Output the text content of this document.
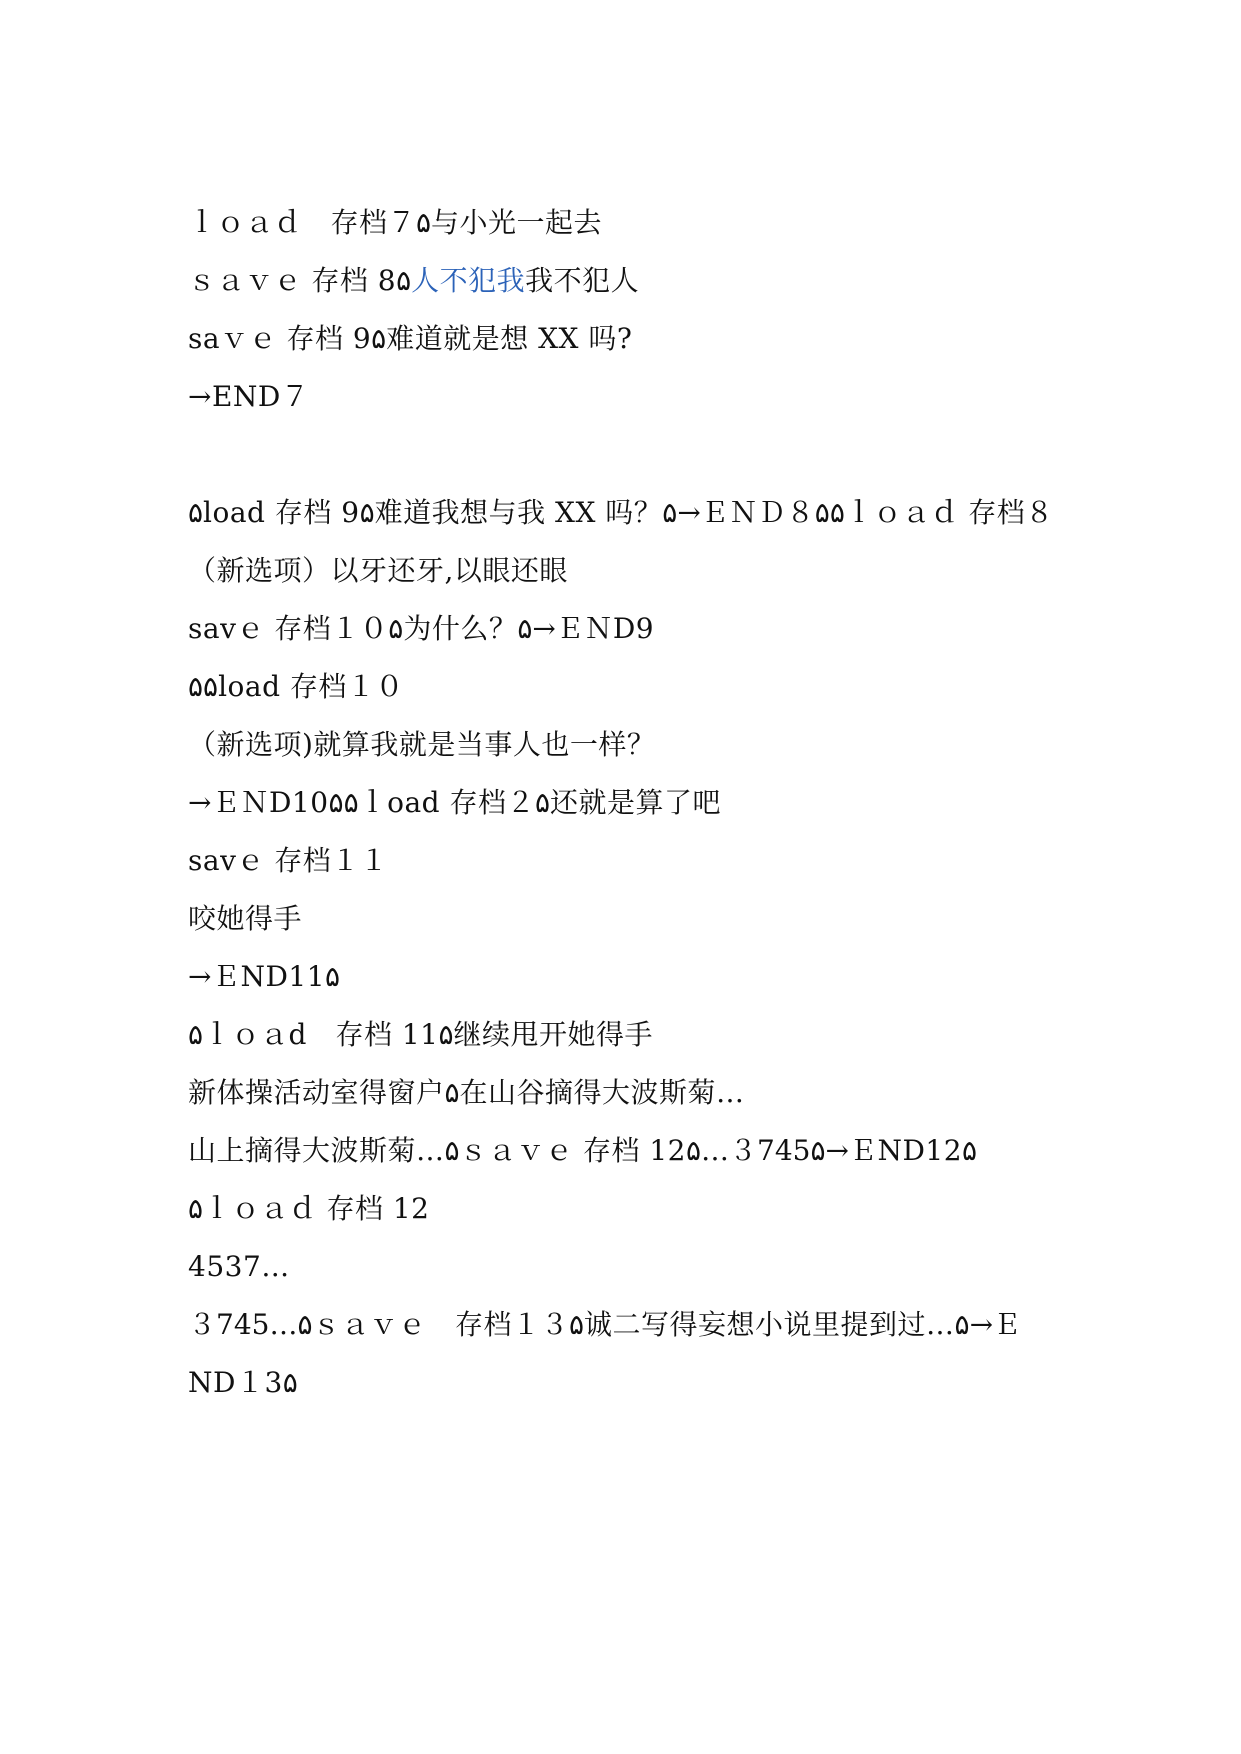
ｌｏａｄ　存档７۵与小光一起去
ｓａｖｅ 存档 8۵人不犯我我不犯人
saｖｅ 存档 9۵难道就是想 XX 吗?
→END７
۵load 存档 9۵难道我想与我 XX 吗？۵→ＥＮＤ８۵۵ｌｏａｄ 存档８
（新选项）以牙还牙,以眼还眼
savｅ 存档１０۵为什么？۵→ＥＮD9
۵۵load 存档１０
（新选项)就算我就是当事人也一样？
→ＥＮD10۵۵ｌoad 存档２۵还就是算了吧
savｅ 存档１１
咬她得手
→ＥND11۵
۵ｌｏａd　存档 11۵继续甩开她得手
新体操活动室得窗户۵在山谷摘得大波斯菊…
山上摘得大波斯菊…۵ｓａｖｅ 存档 12۵…３745۵→ＥND12۵
۵ｌｏａｄ 存档 12
4537…
３745…۵ｓａｖｅ　存档１３۵诚二写得妄想小说里提到过…۵→Ｅ
ND１3۵
